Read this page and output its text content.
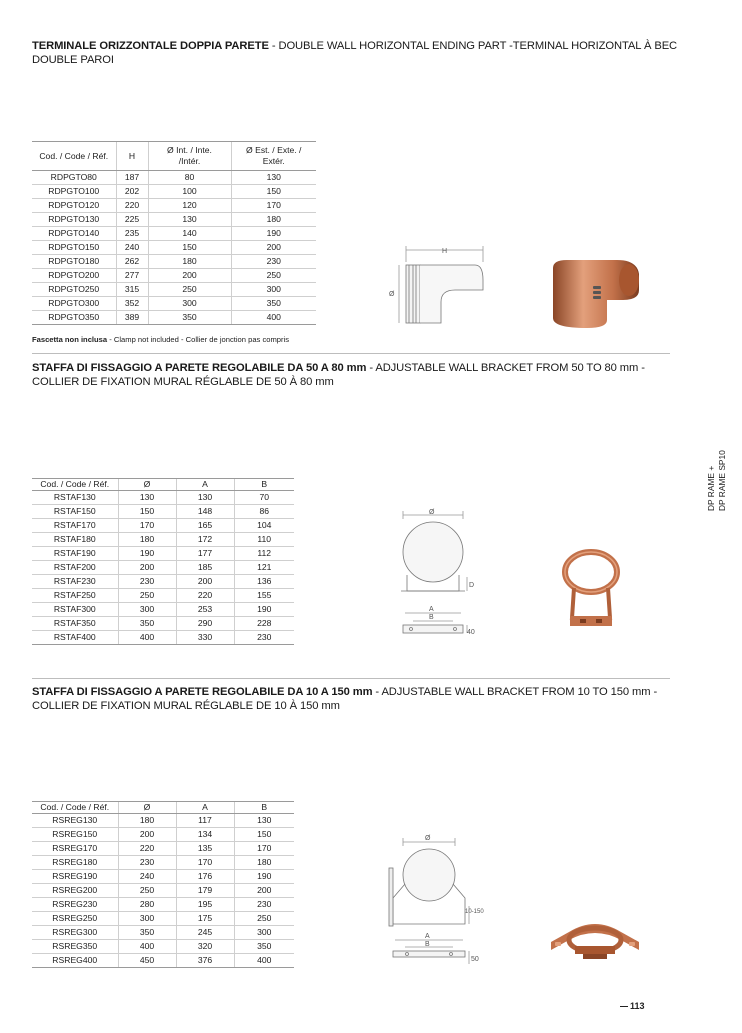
TERMINALE ORIZZONTALE DOPPIA PARETE - DOUBLE WALL HORIZONTAL ENDING PART -TERMINAL HORIZONTAL À BEC DOUBLE PAROI
Cod. / Code / Réf.	H	Ø Int. / Inte. /Intér.	Ø Est. / Exte. / Extér.
RDPGTO80	187	80	130
RDPGTO100	202	100	150
RDPGTO120	220	120	170
RDPGTO130	225	130	180
RDPGTO140	235	140	190
RDPGTO150	240	150	200
RDPGTO180	262	180	230
RDPGTO200	277	200	250
RDPGTO250	315	250	300
RDPGTO300	352	300	350
RDPGTO350	389	350	400
Fascetta non inclusa - Clamp not included - Collier de jonction pas compris
H
Ø
STAFFA DI FISSAGGIO A PARETE REGOLABILE DA 50 A 80 mm - ADJUSTABLE WALL BRACKET FROM 50 TO 80 mm - COLLIER DE FIXATION MURAL RÉGLABLE DE 50 À 80 mm
Cod. / Code / Réf.	Ø	A	B
RSTAF130	130	130	70
RSTAF150	150	148	86
RSTAF170	170	165	104
RSTAF180	180	172	110
RSTAF190	190	177	112
RSTAF200	200	185	121
RSTAF230	230	200	136
RSTAF250	250	220	155
RSTAF300	300	253	190
RSTAF350	350	290	228
RSTAF400	400	330	230
Ø
D
A
B
40
STAFFA DI FISSAGGIO A PARETE REGOLABILE DA 10 A 150 mm - ADJUSTABLE WALL BRACKET FROM 10 TO 150 mm - COLLIER DE FIXATION MURAL RÉGLABLE DE 10 À 150 mm
Cod. / Code / Réf.	Ø	A	B
RSREG130	180	117	130
RSREG150	200	134	150
RSREG170	220	135	170
RSREG180	230	170	180
RSREG190	240	176	190
RSREG200	250	179	200
RSREG230	280	195	230
RSREG250	300	175	250
RSREG300	350	245	300
RSREG350	400	320	350
RSREG400	450	376	400
Ø
10-150
A
B
50
DP RAME + DP RAME SP10
113
